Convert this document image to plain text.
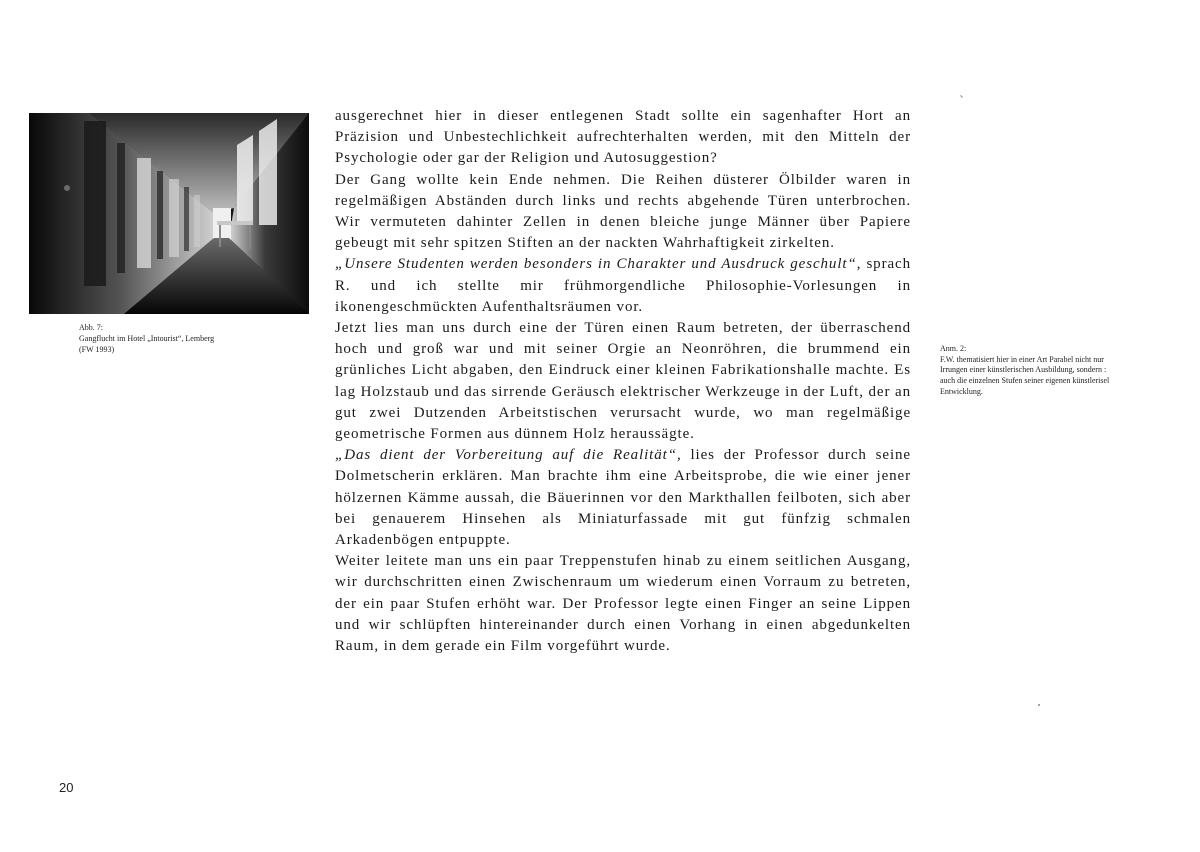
Abb. 7:
Gangflucht im Hotel „Intourist“, Lemberg
(FW 1993)

ausgerechnet hier in dieser entlegenen Stadt sollte ein sagenhafter Hort an Präzision und Unbestechlichkeit aufrechterhalten werden, mit den Mitteln der Psychologie oder gar der Religion und Autosuggestion?

Der Gang wollte kein Ende nehmen. Die Reihen düsterer Ölbilder waren in regelmäßigen Abständen durch links und rechts abgehende Türen unterbrochen. Wir vermuteten dahinter Zellen in denen bleiche junge Männer über Papiere gebeugt mit sehr spitzen Stiften an der nackten Wahrhaftigkeit zirkelten.

„Unsere Studenten werden besonders in Charakter und Ausdruck geschult“, sprach R. und ich stellte mir frühmorgendliche Philosophie-Vorlesungen in ikonengeschmückten Aufenthaltsräumen vor.

Jetzt lies man uns durch eine der Türen einen Raum betreten, der überraschend hoch und groß war und mit seiner Orgie an Neonröhren, die brummend ein grünliches Licht abgaben, den Eindruck einer kleinen Fabrikationshalle machte. Es lag Holzstaub und das sirrende Geräusch elektrischer Werkzeuge in der Luft, der an gut zwei Dutzenden Arbeitstischen verursacht wurde, wo man regelmäßige geometrische Formen aus dünnem Holz heraussägte.

„Das dient der Vorbereitung auf die Realität“, lies der Professor durch seine Dolmetscherin erklären. Man brachte ihm eine Arbeitsprobe, die wie einer jener hölzernen Kämme aussah, die Bäuerinnen vor den Markthallen feilboten, sich aber bei genauerem Hinsehen als Miniaturfassade mit gut fünfzig schmalen Arkadenbögen entpuppte.

Weiter leitete man uns ein paar Treppenstufen hinab zu einem seitlichen Ausgang, wir durchschritten einen Zwischenraum um wiederum einen Vorraum zu betreten, der ein paar Stufen erhöht war. Der Professor legte einen Finger an seine Lippen und wir schlüpften hintereinander durch einen Vorhang in einen abgedunkelten Raum, in dem gerade ein Film vorgeführt wurde.

Anm. 2:
F.W. thematisiert hier in einer Art Parabel nicht nur
Irrungen einer künstlerischen Ausbildung, sondern :
auch die einzelnen Stufen seiner eigenen künstlerisel
Entwicklung.
20
